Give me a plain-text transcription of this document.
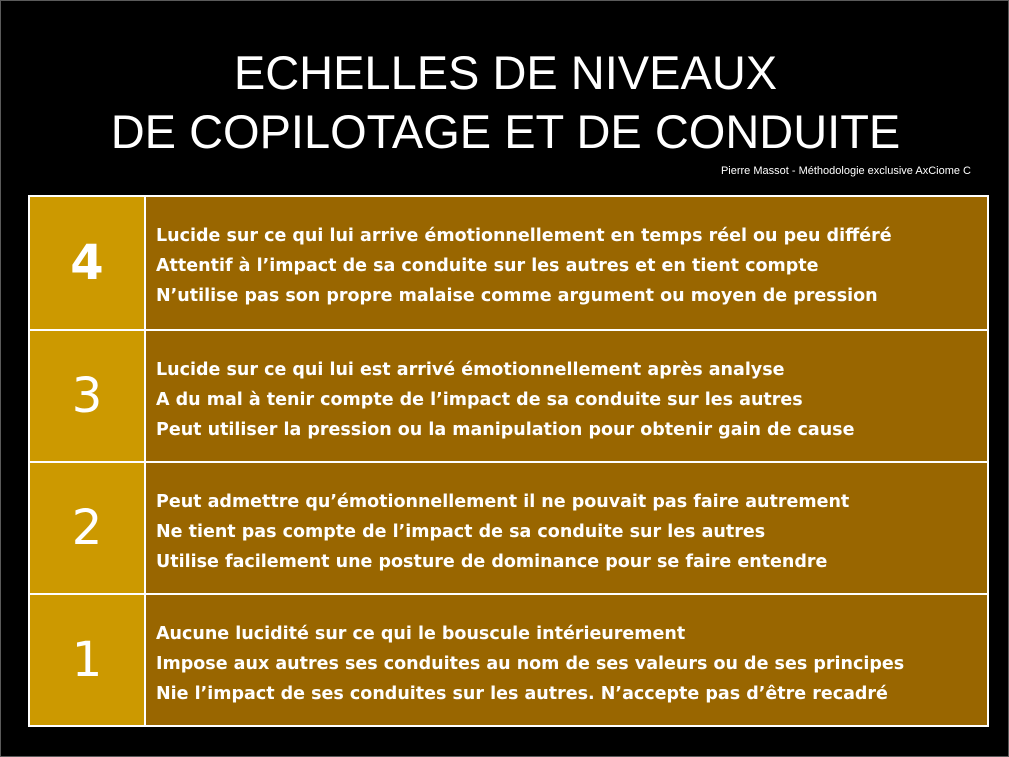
ECHELLES DE NIVEAUX
DE COPILOTAGE ET DE CONDUITE
Pierre Massot - Méthodologie exclusive AxCiome C
4	Lucide sur ce qui lui arrive émotionnellement en temps réel ou peu différé
Attentif à l’impact de sa conduite sur les autres et en tient compte
N’utilise pas son propre malaise comme argument ou moyen de pression
3	Lucide sur ce qui lui est arrivé émotionnellement après analyse
A du mal à tenir compte de l’impact de sa conduite sur les autres
Peut utiliser la pression ou la manipulation pour obtenir gain de cause
2	Peut admettre qu’émotionnellement il ne pouvait pas faire autrement
Ne tient pas compte de l’impact de sa conduite sur les autres
Utilise facilement une posture de dominance pour se faire entendre
1	Aucune lucidité sur ce qui le bouscule intérieurement
Impose aux autres ses conduites au nom de ses valeurs ou de ses principes
Nie l’impact de ses conduites sur les autres. N’accepte pas d’être recadré
